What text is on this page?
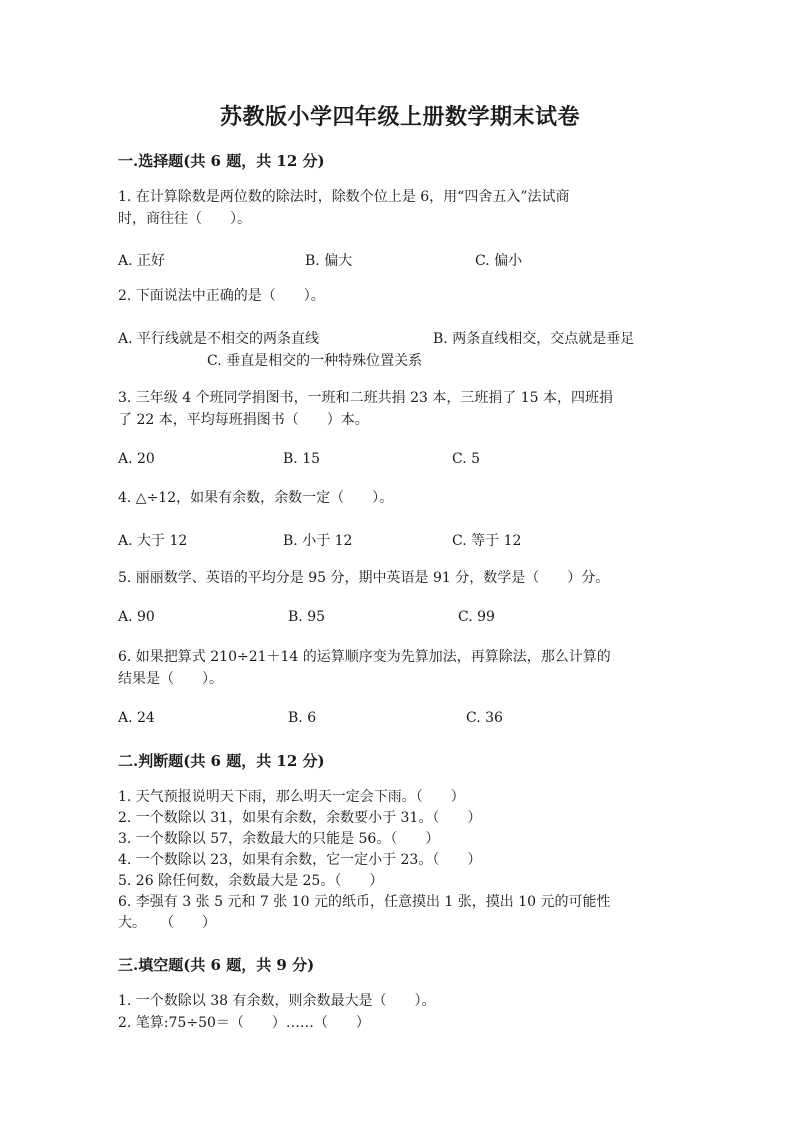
苏教版小学四年级上册数学期末试卷
一.选择题(共 6 题，共 12 分)
1. 在计算除数是两位数的除法时，除数个位上是 6，用“四舍五入”法试商
时，商往往（　　）。
A. 正好	B. 偏大	C. 偏小
2. 下面说法中正确的是（　　）。
A. 平行线就是不相交的两条直线	B. 两条直线相交，交点就是垂足
C. 垂直是相交的一种特殊位置关系
3. 三年级 4 个班同学捐图书，一班和二班共捐 23 本，三班捐了 15 本，四班捐
了 22 本，平均每班捐图书（　　）本。
A. 20	B. 15	C. 5
4. △÷12，如果有余数，余数一定（　　）。
A. 大于 12	B. 小于 12	C. 等于 12
5. 丽丽数学、英语的平均分是 95 分，期中英语是 91 分，数学是（　　）分。
A. 90	B. 95	C. 99
6. 如果把算式 210÷21＋14 的运算顺序变为先算加法，再算除法，那么计算的
结果是（　　）。
A. 24	B. 6	C. 36
二.判断题(共 6 题，共 12 分)
1. 天气预报说明天下雨，那么明天一定会下雨。（　　）
2. 一个数除以 31，如果有余数，余数要小于 31。（　　）
3. 一个数除以 57，余数最大的只能是 56。（　　）
4. 一个数除以 23，如果有余数，它一定小于 23。（　　）
5. 26 除任何数，余数最大是 25。（　　）
6. 李强有 3 张 5 元和 7 张 10 元的纸币，任意摸出 1 张，摸出 10 元的可能性
大。　　（　　）
三.填空题(共 6 题，共 9 分)
1. 一个数除以 38 有余数，则余数最大是（　　）。
2. 笔算:75÷50＝（　　）……（　　）
